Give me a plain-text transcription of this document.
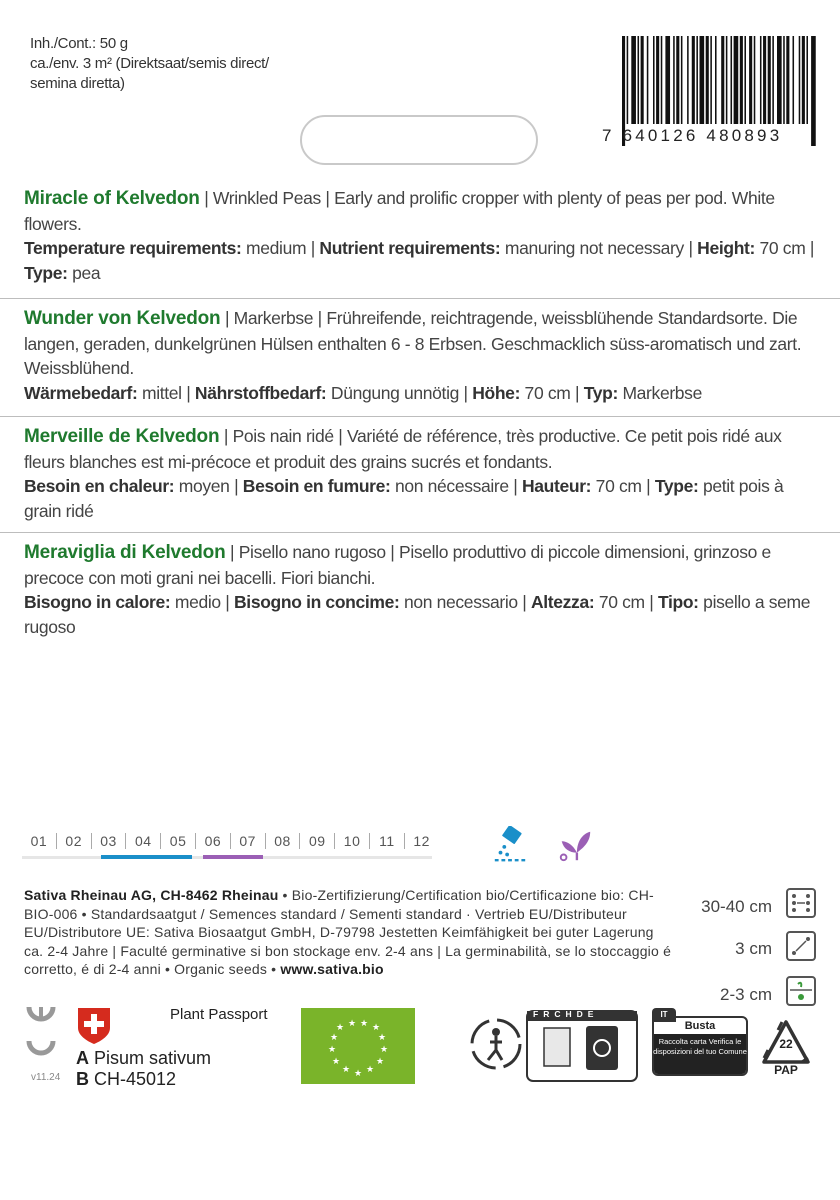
Inh./Cont.: 50 g
ca./env. 3 m² (Direktsaat/semis direct/
semina diretta)
7 640126 480893
Miracle of Kelvedon | Wrinkled Peas | Early and prolific cropper with plenty of peas per pod. White flowers.
Temperature requirements: medium | Nutrient requirements: manuring not necessary | Height: 70 cm | Type: pea
Wunder von Kelvedon | Markerbse | Frühreifende, reichtragende, weissblühende Standardsorte. Die langen, geraden, dunkelgrünen Hülsen enthalten 6 - 8 Erbsen. Geschmacklich süss-aromatisch und zart. Weissblühend.
Wärmebedarf: mittel | Nährstoffbedarf: Düngung unnötig | Höhe: 70 cm | Typ: Markerbse
Merveille de Kelvedon | Pois nain ridé | Variété de référence, très productive. Ce petit pois ridé aux fleurs blanches est mi-précoce et produit des grains sucrés et fondants.
Besoin en chaleur: moyen | Besoin en fumure: non nécessaire | Hauteur: 70 cm | Type: petit pois à grain ridé
Meraviglia di Kelvedon | Pisello nano rugoso | Pisello produttivo di piccole dimensioni, grinzoso e precoce con moti grani nei bacelli. Fiori bianchi.
Bisogno in calore: medio | Bisogno in concime: non necessario | Altezza: 70 cm | Tipo: pisello a seme rugoso
01	02	03	04	05	06	07	08	09	10	11	12
Sativa Rheinau AG, CH-8462 Rheinau • Bio-Zertifizierung/Certification bio/Certificazione bio: CH-BIO-006 • Standardsaatgut / Semences standard / Sementi standard · Vertrieb EU/Distributeur EU/Distributore UE: Sativa Biosaatgut GmbH, D-79798 Jestetten Keimfähigkeit bei guter Lagerung ca. 2-4 Jahre | Faculté germinative si bon stockage env. 2-4 ans | La germinabilità, se lo stoccaggio é corretto, é di 2-4 anni • Organic seeds • www.sativa.bio
30-40 cm
3 cm
2-3 cm
v11.24
Plant Passport
A Pisum sativum
B CH-45012
★ ★ ★ ★
★	★
★	★
★	★
★ ★ ★
FRCHDE	IT
Busta
Raccolta carta Verifica le disposizioni del tuo Comune
22
PAP
